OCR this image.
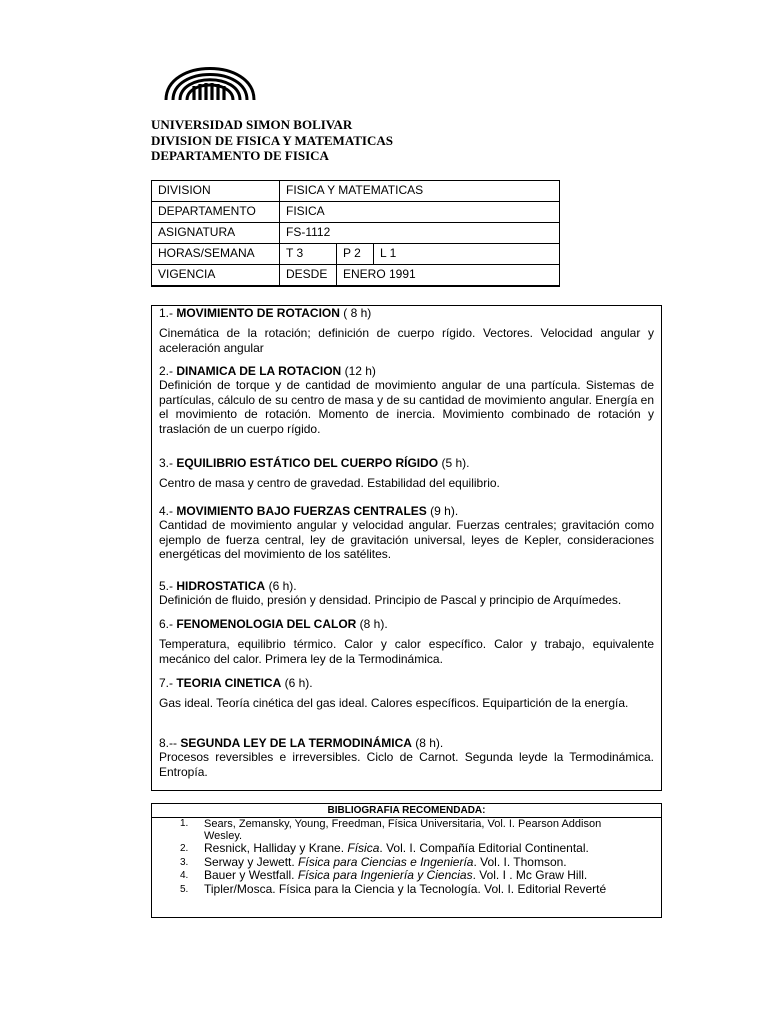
UNIVERSIDAD SIMON BOLIVAR
DIVISION DE FISICA Y MATEMATICAS
DEPARTAMENTO DE FISICA
DIVISION	FISICA Y MATEMATICAS		
DEPARTAMENTO	FISICA		
ASIGNATURA	FS-1112		
HORAS/SEMANA	T 3	P 2	L 1
VIGENCIA	DESDE	ENERO 1991	
1.- MOVIMIENTO DE ROTACION ( 8 h)
Cinemática de la rotación; definición de cuerpo rígido. Vectores. Velocidad angular y aceleración angular
2.- DINAMICA DE LA ROTACION (12 h)
Definición de torque y de cantidad de movimiento angular de una partícula. Sistemas de partículas, cálculo de su centro de masa y de su cantidad de movimiento angular. Energía en el movimiento de rotación. Momento de inercia. Movimiento combinado de rotación y traslación de un cuerpo rígido.
3.- EQUILIBRIO ESTÁTICO DEL CUERPO RÍGIDO (5 h).
Centro de masa y centro de gravedad. Estabilidad del equilibrio.
4.- MOVIMIENTO BAJO FUERZAS CENTRALES (9 h).
Cantidad de movimiento angular y velocidad angular. Fuerzas centrales; gravitación como ejemplo de fuerza central, ley de gravitación universal, leyes de Kepler, consideraciones energéticas del movimiento de los satélites.
5.- HIDROSTATICA (6 h).
Definición de fluido, presión y densidad. Principio de Pascal y principio de Arquímedes.
6.- FENOMENOLOGIA DEL CALOR (8 h).
Temperatura, equilibrio térmico. Calor y calor específico. Calor y trabajo, equivalente mecánico del calor. Primera ley de la Termodinámica.
7.- TEORIA CINETICA (6 h).
Gas ideal. Teoría cinética del gas ideal. Calores específicos. Equipartición de la energía.
8.-- SEGUNDA LEY DE LA TERMODINÁMICA (8 h).
Procesos reversibles e irreversibles. Ciclo de Carnot. Segunda leyde la Termodinámica. Entropía.
BIBLIOGRAFIA RECOMENDADA:
1. Sears, Zemansky, Young, Freedman, Física Universitaria, Vol. I. Pearson Addison Wesley.
2. Resnick, Halliday y Krane. Física. Vol. I. Compañía Editorial Continental.
3. Serway y Jewett. Física para Ciencias e Ingeniería. Vol. I. Thomson.
4. Bauer y Westfall. Física para Ingeniería y Ciencias. Vol. I . Mc Graw Hill.
5. Tipler/Mosca. Física para la Ciencia y la Tecnología. Vol. I. Editorial Reverté
